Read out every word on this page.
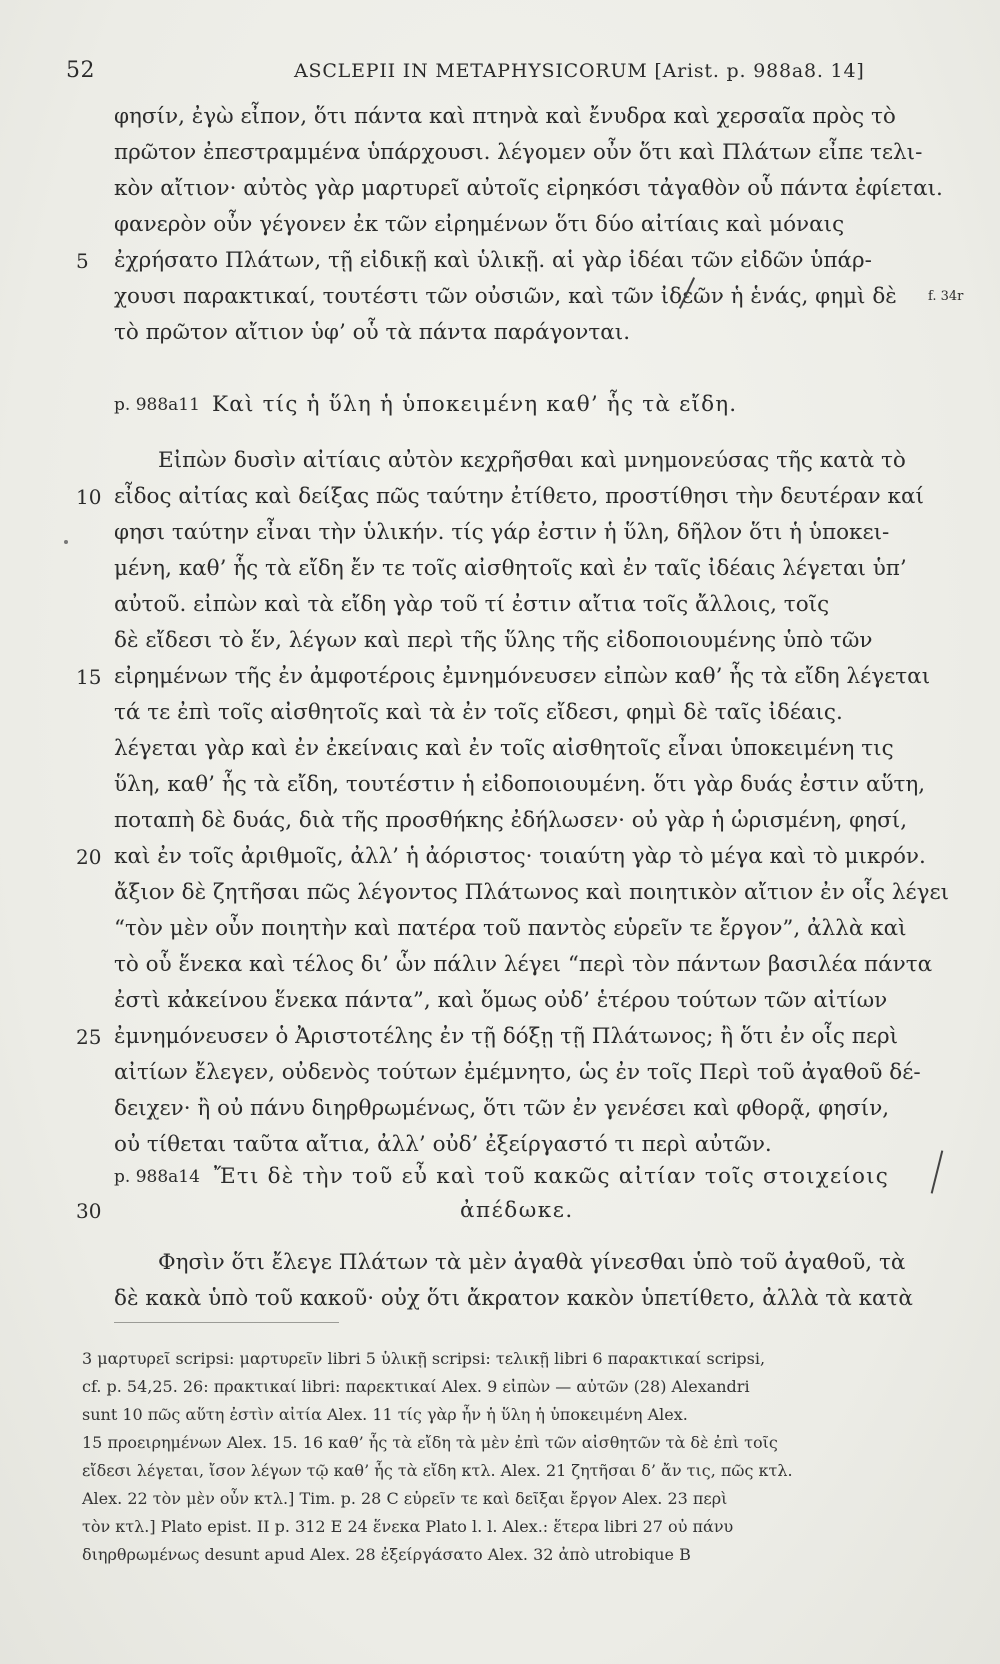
52	ASCLEPII IN METAPHYSICORUM [Arist. p. 988a8. 14]
φησίν, ἐγὼ εἶπον, ὅτι πάντα καὶ πτηνὰ καὶ ἔνυδρα καὶ χερσαῖα πρὸς τὸ
πρῶτον ἐπεστραμμένα ὑπάρχουσι. λέγομεν οὖν ὅτι καὶ Πλάτων εἶπε τελι-
κὸν αἴτιον· αὐτὸς γὰρ μαρτυρεῖ αὐτοῖς εἰρηκόσι τἀγαθὸν οὗ πάντα ἐφίεται.
φανερὸν οὖν γέγονεν ἐκ τῶν εἰρημένων ὅτι δύο αἰτίαις καὶ μόναις
5 ἐχρήσατο Πλάτων, τῇ εἰδικῇ καὶ ὑλικῇ. αἱ γὰρ ἰδέαι τῶν εἰδῶν ὑπάρ-
χουσι παρακτικαί, τουτέστι τῶν οὐσιῶν, καὶ τῶν ἰδεῶν ἡ ἑνάς, φημὶ δὲ f. 34r
τὸ πρῶτον αἴτιον ὑφ’ οὗ τὰ πάντα παράγονται.
p. 988a11 Καὶ τίς ἡ ὕλη ἡ ὑποκειμένη καθ’ ἧς τὰ εἴδη.
Εἰπὼν δυσὶν αἰτίαις αὐτὸν κεχρῆσθαι καὶ μνημονεύσας τῆς κατὰ τὸ
10 εἶδος αἰτίας καὶ δείξας πῶς ταύτην ἐτίθετο, προστίθησι τὴν δευτέραν καί
φησι ταύτην εἶναι τὴν ὑλικήν. τίς γάρ ἐστιν ἡ ὕλη, δῆλον ὅτι ἡ ὑποκει-
μένη, καθ’ ἧς τὰ εἴδη ἔν τε τοῖς αἰσθητοῖς καὶ ἐν ταῖς ἰδέαις λέγεται ὑπ’
αὐτοῦ. εἰπὼν καὶ τὰ εἴδη γὰρ τοῦ τί ἐστιν αἴτια τοῖς ἄλλοις, τοῖς
δὲ εἴδεσι τὸ ἕν, λέγων καὶ περὶ τῆς ὕλης τῆς εἰδοποιουμένης ὑπὸ τῶν
15 εἰρημένων τῆς ἐν ἀμφοτέροις ἐμνημόνευσεν εἰπὼν καθ’ ἧς τὰ εἴδη λέγεται
τά τε ἐπὶ τοῖς αἰσθητοῖς καὶ τὰ ἐν τοῖς εἴδεσι, φημὶ δὲ ταῖς ἰδέαις.
λέγεται γὰρ καὶ ἐν ἐκείναις καὶ ἐν τοῖς αἰσθητοῖς εἶναι ὑποκειμένη τις
ὕλη, καθ’ ἧς τὰ εἴδη, τουτέστιν ἡ εἰδοποιουμένη. ὅτι γὰρ δυάς ἐστιν αὕτη,
ποταπὴ δὲ δυάς, διὰ τῆς προσθήκης ἐδήλωσεν· οὐ γὰρ ἡ ὡρισμένη, φησί,
20 καὶ ἐν τοῖς ἀριθμοῖς, ἀλλ’ ἡ ἀόριστος· τοιαύτη γὰρ τὸ μέγα καὶ τὸ μικρόν.
ἄξιον δὲ ζητῆσαι πῶς λέγοντος Πλάτωνος καὶ ποιητικὸν αἴτιον ἐν οἷς λέγει
“τὸν μὲν οὖν ποιητὴν καὶ πατέρα τοῦ παντὸς εὑρεῖν τε ἔργον”, ἀλλὰ καὶ
τὸ οὗ ἕνεκα καὶ τέλος δι’ ὧν πάλιν λέγει “περὶ τὸν πάντων βασιλέα πάντα
ἐστὶ κἀκείνου ἕνεκα πάντα”, καὶ ὅμως οὐδ’ ἑτέρου τούτων τῶν αἰτίων
25 ἐμνημόνευσεν ὁ Ἀριστοτέλης ἐν τῇ δόξῃ τῇ Πλάτωνος; ἢ ὅτι ἐν οἷς περὶ
αἰτίων ἔλεγεν, οὐδενὸς τούτων ἐμέμνητο, ὡς ἐν τοῖς Περὶ τοῦ ἀγαθοῦ δέ-
δειχεν· ἢ οὐ πάνυ διηρθρωμένως, ὅτι τῶν ἐν γενέσει καὶ φθορᾷ, φησίν,
οὐ τίθεται ταῦτα αἴτια, ἀλλ’ οὐδ’ ἐξείργαστό τι περὶ αὐτῶν.
p. 988a14 Ἔτι δὲ τὴν τοῦ εὖ καὶ τοῦ κακῶς αἰτίαν τοῖς στοιχείοις
30	ἀπέδωκε.
Φησὶν ὅτι ἔλεγε Πλάτων τὰ μὲν ἀγαθὰ γίνεσθαι ὑπὸ τοῦ ἀγαθοῦ, τὰ
δὲ κακὰ ὑπὸ τοῦ κακοῦ· οὐχ ὅτι ἄκρατον κακὸν ὑπετίθετο, ἀλλὰ τὰ κατὰ
3 μαρτυρεῖ scripsi: μαρτυρεῖν libri 5 ὑλικῇ scripsi: τελικῇ libri 6 παρακτικαί scripsi,
cf. p. 54,25. 26: πρακτικαί libri: παρεκτικαί Alex. 9 εἰπὼν — αὐτῶν (28) Alexandri
sunt 10 πῶς αὕτη ἐστὶν αἰτία Alex. 11 τίς γὰρ ἦν ἡ ὕλη ἡ ὑποκειμένη Alex.
15 προειρημένων Alex. 15. 16 καθ’ ἧς τὰ εἴδη τὰ μὲν ἐπὶ τῶν αἰσθητῶν τὰ δὲ ἐπὶ τοῖς
εἴδεσι λέγεται, ἴσον λέγων τῷ καθ’ ἧς τὰ εἴδη κτλ. Alex. 21 ζητῆσαι δ’ ἄν τις, πῶς κτλ.
Alex. 22 τὸν μὲν οὖν κτλ.] Tim. p. 28 C εὑρεῖν τε καὶ δεῖξαι ἔργον Alex. 23 περὶ
τὸν κτλ.] Plato epist. II p. 312 E 24 ἕνεκα Plato l. l. Alex.: ἕτερα libri 27 οὐ πάνυ
διηρθρωμένως desunt apud Alex. 28 ἐξείργάσατο Alex. 32 ἀπὸ utrobique B
